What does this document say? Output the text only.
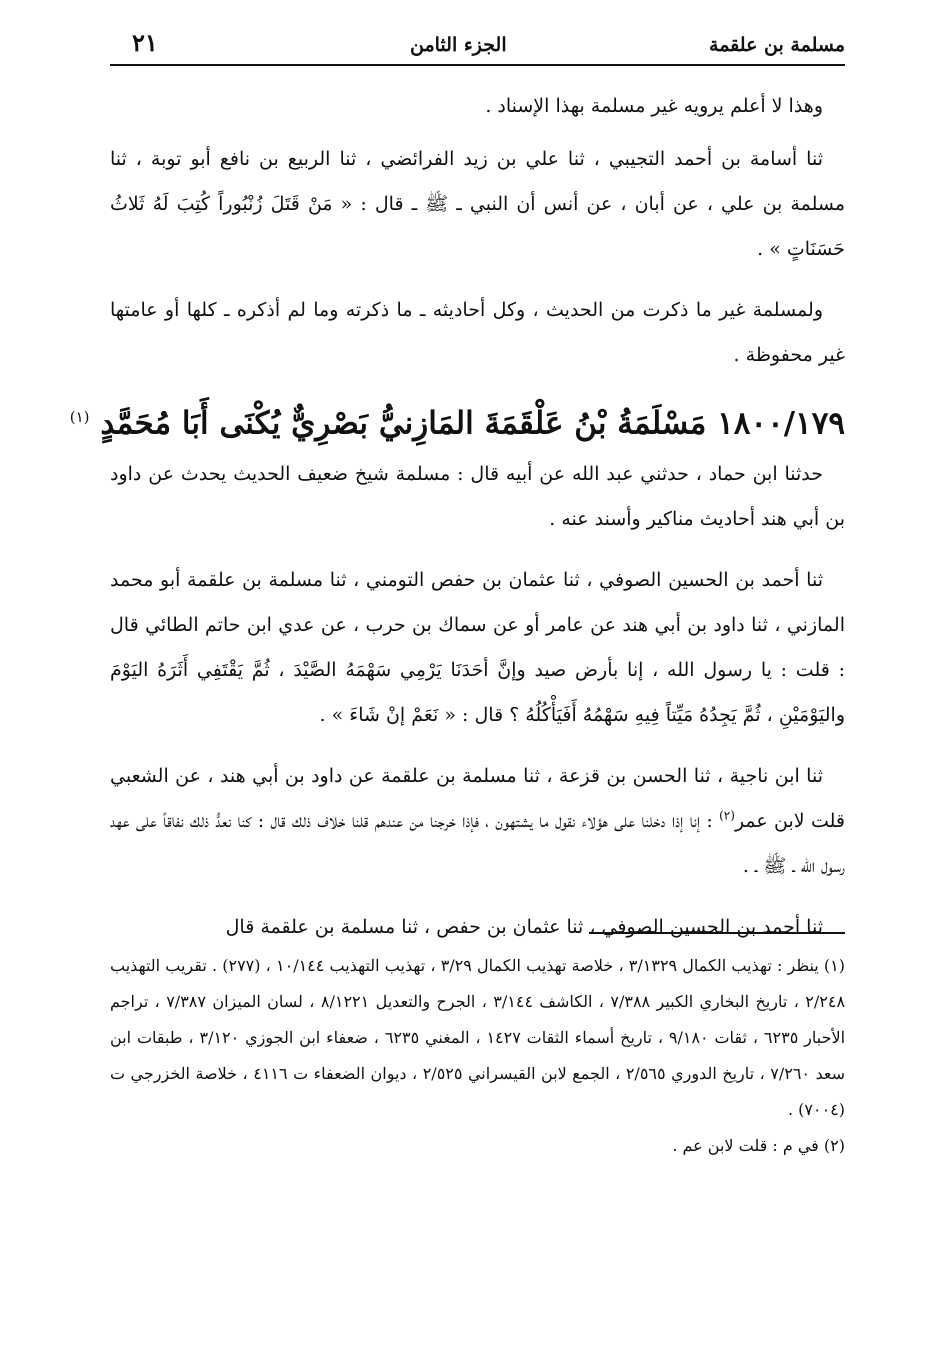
مسلمة بن علقمة
الجزء الثامن
٢١

وهذا لا أعلم يرويه غير مسلمة بهذا الإسناد .

ثنا أسامة بن أحمد التجيبي ، ثنا علي بن زيد الفرائضي ، ثنا الربيع بن نافع أبو توبة ، ثنا مسلمة بن علي ، عن أبان ، عن أنس أن النبي ـ ﷺ ـ قال : « مَنْ قَتَلَ زُنْبُوراً كُتِبَ لَهُ ثَلاثُ حَسَنَاتٍ » .

ولمسلمة غير ما ذكرت من الحديث ، وكل أحاديثه ـ ما ذكرته وما لم أذكره ـ كلها أو عامتها غير محفوظة .

١٨٠٠/١٧٩ مَسْلَمَةُ بْنُ عَلْقَمَةَ المَازِنيُّ بَصْرِيٌّ يُكْنَى أَبَا مُحَمَّدٍ $^{(١)}$

حدثنا ابن حماد ، حدثني عبد الله عن أبيه قال : مسلمة شيخ ضعيف الحديث يحدث عن داود بن أبي هند أحاديث مناكير وأسند عنه .

ثنا أحمد بن الحسين الصوفي ، ثنا عثمان بن حفص التومني ، ثنا مسلمة بن علقمة أبو محمد المازني ، ثنا داود بن أبي هند عن عامر أو عن سماك بن حرب ، عن عدي ابن حاتم الطائي قال : قلت : يا رسول الله ، إنا بأرض صيد وإنَّ أحَدَنَا يَرْمِي سَهْمَهُ الصَّيْدَ ، ثُمَّ يَقْتَفِي أَثَرَهُ اليَوْمَ واليَوْمَيْنِ ، ثُمَّ يَجِدُهُ مَيِّتاً فِيهِ سَهْمُهُ أَفَيَأْكُلُهُ ؟ قال : « نَعَمْ إنْ شَاءَ » .

ثنا ابن ناجية ، ثنا الحسن بن قزعة ، ثنا مسلمة بن علقمة عن داود بن أبي هند ، عن الشعبي قلت لابن عمر$^{(٢)}$ : إنا إذا دخلنا على هؤلاء نقول ما يشتهون ، فإذا خرجنا من عندهم قلنا خلاف ذلك قال : كنا نعدُّ ذلك نفاقاً على عهد رسول الله ـ ﷺ ـ .

ثنا أحمد بن الحسين الصوفي ، ثنا عثمان بن حفص ، ثنا مسلمة بن علقمة قال

(١) ينظر : تهذيب الكمال ٣/١٣٢٩ ، خلاصة تهذيب الكمال ٣/٢٩ ، تهذيب التهذيب ١٠/١٤٤ ، (٢٧٧) . تقريب التهذيب ٢/٢٤٨ ، تاريخ البخاري الكبير ٧/٣٨٨ ، الكاشف ٣/١٤٤ ، الجرح والتعديل ٨/١٢٢١ ، لسان الميزان ٧/٣٨٧ ، تراجم الأحبار ٦٢٣٥ ، ثقات ٩/١٨٠ ، تاريخ أسماء الثقات ١٤٢٧ ، المغني ٦٢٣٥ ، ضعفاء ابن الجوزي ٣/١٢٠ ، طبقات ابن سعد ٧/٢٦٠ ، تاريخ الدوري ٢/٥٦٥ ، الجمع لابن القيسراني ٢/٥٢٥ ، ديوان الضعفاء ت ٤١١٦ ، خلاصة الخزرجي ت (٧٠٠٤) .

(٢) في م : قلت لابن عم .
